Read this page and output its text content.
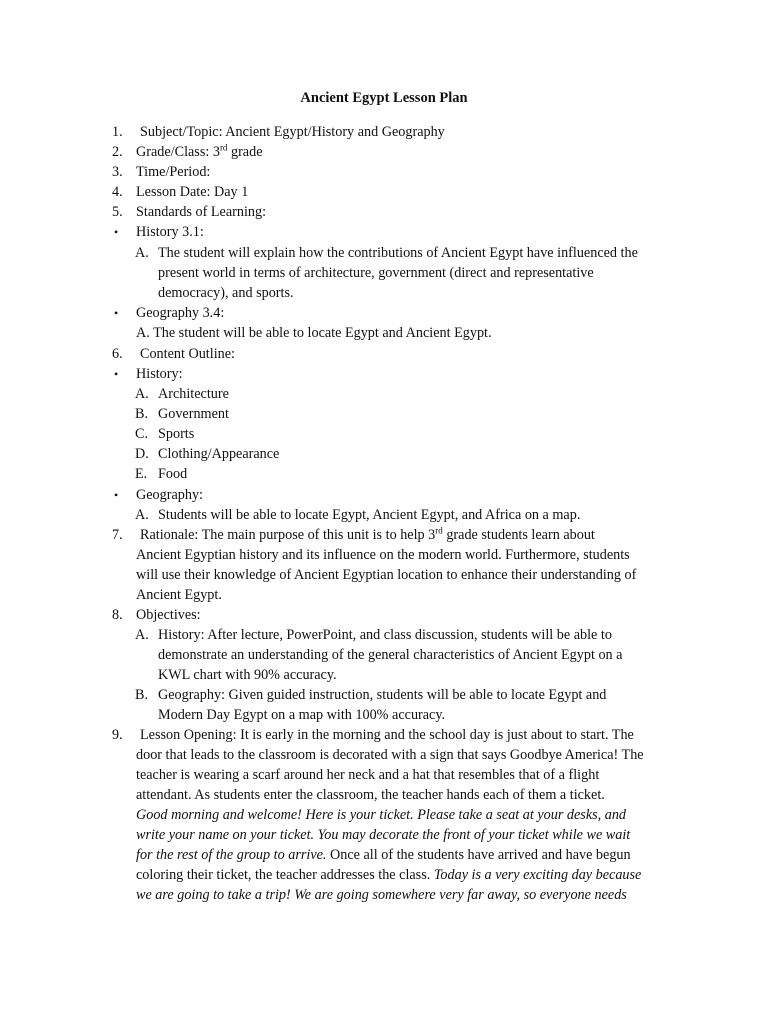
Ancient Egypt Lesson Plan
1. Subject/Topic: Ancient Egypt/History and Geography
2. Grade/Class: 3rd grade
3. Time/Period:
4. Lesson Date: Day 1
5. Standards of Learning:
• History 3.1:
A. The student will explain how the contributions of Ancient Egypt have influenced the
present world in terms of architecture, government (direct and representative
democracy), and sports.
• Geography 3.4:
A. The student will be able to locate Egypt and Ancient Egypt.
6. Content Outline:
• History:
A. Architecture
B. Government
C. Sports
D. Clothing/Appearance
E. Food
• Geography:
A. Students will be able to locate Egypt, Ancient Egypt, and Africa on a map.
7. Rationale: The main purpose of this unit is to help 3rd grade students learn about
Ancient Egyptian history and its influence on the modern world. Furthermore, students
will use their knowledge of Ancient Egyptian location to enhance their understanding of
Ancient Egypt.
8. Objectives:
A. History: After lecture, PowerPoint, and class discussion, students will be able to
demonstrate an understanding of the general characteristics of Ancient Egypt on a
KWL chart with 90% accuracy.
B. Geography: Given guided instruction, students will be able to locate Egypt and
Modern Day Egypt on a map with 100% accuracy.
9. Lesson Opening: It is early in the morning and the school day is just about to start. The
door that leads to the classroom is decorated with a sign that says Goodbye America! The
teacher is wearing a scarf around her neck and a hat that resembles that of a flight
attendant. As students enter the classroom, the teacher hands each of them a ticket.
Good morning and welcome! Here is your ticket. Please take a seat at your desks, and
write your name on your ticket. You may decorate the front of your ticket while we wait
for the rest of the group to arrive. Once all of the students have arrived and have begun
coloring their ticket, the teacher addresses the class. Today is a very exciting day because
we are going to take a trip! We are going somewhere very far away, so everyone needs
